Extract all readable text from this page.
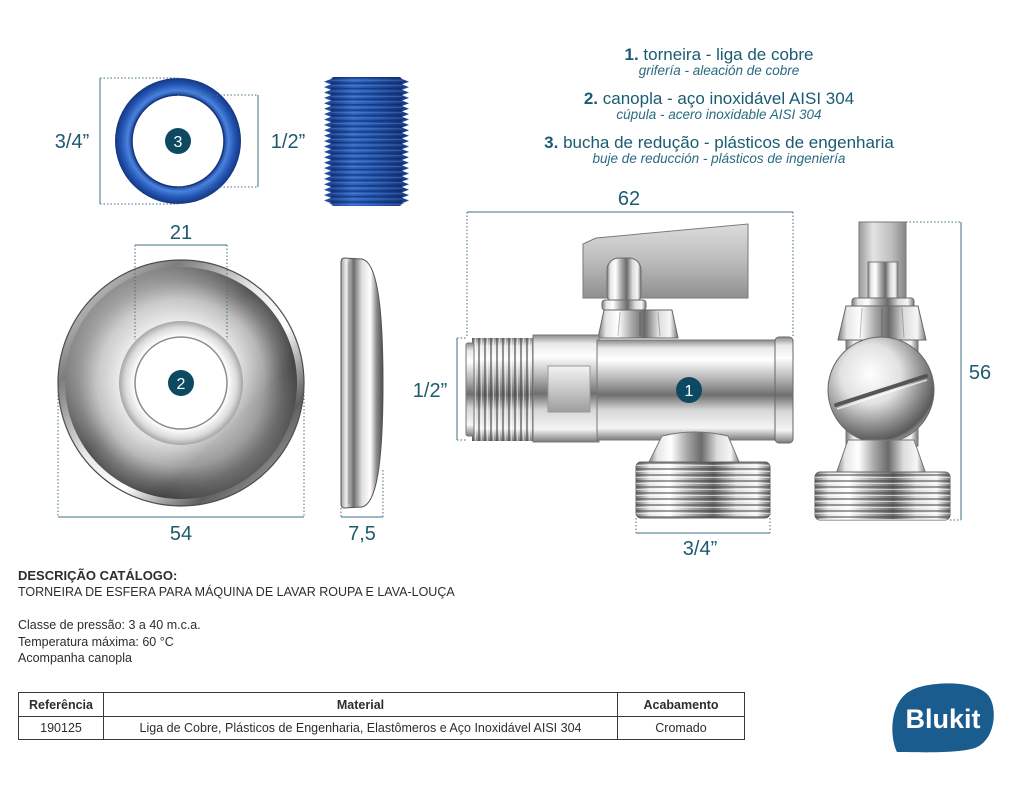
3
3/4”	1/2”
2
21
54	7,5
1
62
1/2”
3/4”
56
Blukit
1. torneira - liga de cobre
grifería - aleación de cobre
2. canopla - aço inoxidável AISI 304
cúpula - acero inoxidable AISI 304
3. bucha de redução - plásticos de engenharia
buje de reducción - plásticos de ingeniería
DESCRIÇÃO CATÁLOGO:
TORNEIRA DE ESFERA PARA MÁQUINA DE LAVAR ROUPA E LAVA-LOUÇA
Classe de pressão: 3 a 40 m.c.a.
Temperatura máxima: 60 °C
Acompanha canopla
Referência	Material	Acabamento
190125	Liga de Cobre, Plásticos de Engenharia, Elastômeros e Aço Inoxidável AISI 304	Cromado
